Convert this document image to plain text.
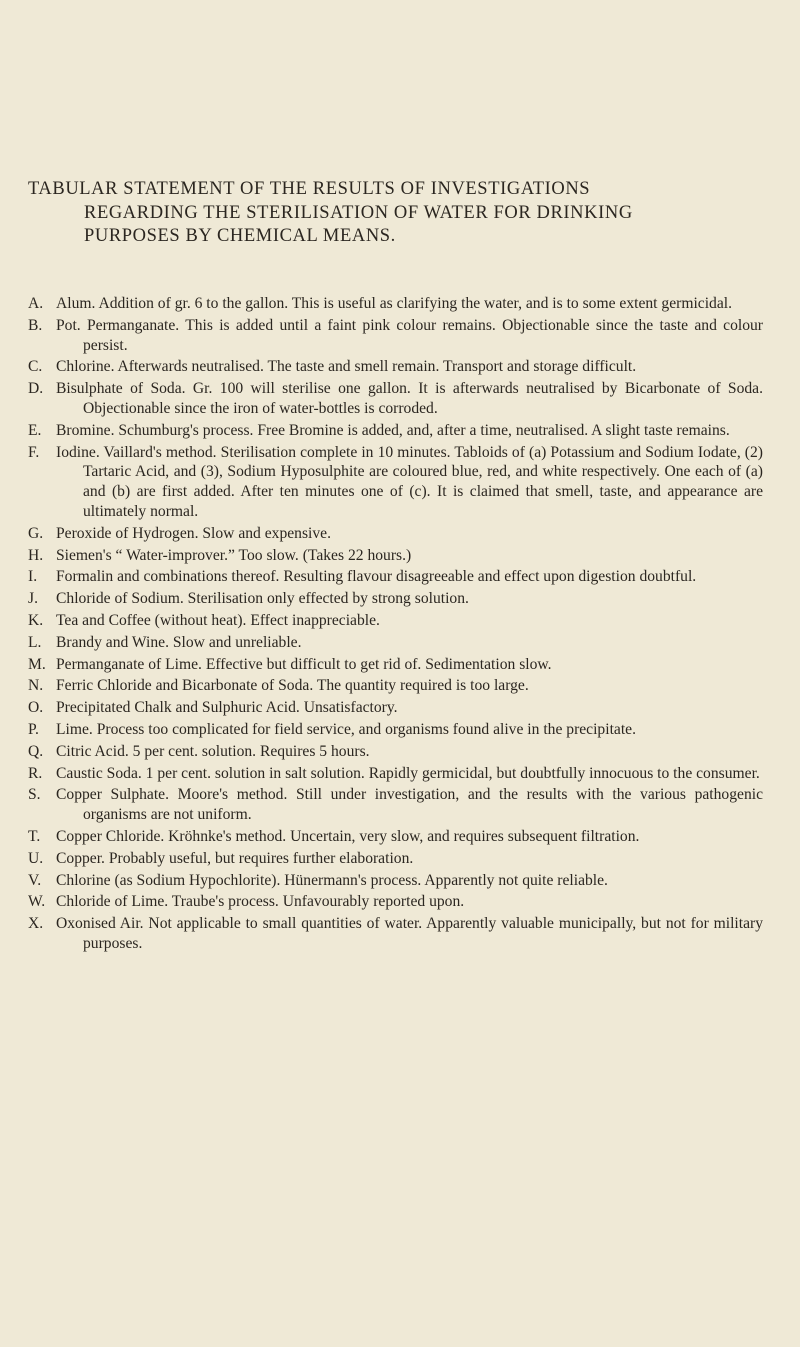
TABULAR STATEMENT OF THE RESULTS OF INVESTIGATIONS
REGARDING THE STERILISATION OF WATER FOR DRINKING
PURPOSES BY CHEMICAL MEANS.
A. Alum. Addition of gr. 6 to the gallon. This is useful as clarifying the water, and is to some extent germicidal.
B. Pot. Permanganate. This is added until a faint pink colour remains. Objectionable since the taste and colour persist.
C. Chlorine. Afterwards neutralised. The taste and smell remain. Transport and storage difficult.
D. Bisulphate of Soda. Gr. 100 will sterilise one gallon. It is afterwards neutralised by Bicarbonate of Soda. Objectionable since the iron of water-bottles is corroded.
E. Bromine. Schumburg's process. Free Bromine is added, and, after a time, neutralised. A slight taste remains.
F.	Iodine. Vaillard's method. Sterilisation complete in 10 minutes. Tabloids of (a) Potassium and Sodium Iodate, (2) Tartaric Acid, and (3), Sodium Hyposulphite are coloured blue, red, and white respectively. One each of (a) and (b) are first added. After ten minutes one of (c). It is claimed that smell, taste, and appearance are ultimately normal.
G. Peroxide of Hydrogen. Slow and expensive.
H. Siemen's “ Water-improver.” Too slow. (Takes 22 hours.)
I.	Formalin and combinations thereof. Resulting flavour disagreeable and effect upon digestion doubtful.
J.	Chloride of Sodium. Sterilisation only effected by strong solution.
K. Tea and Coffee (without heat). Effect inappreciable.
L. Brandy and Wine. Slow and unreliable.
M. Permanganate of Lime. Effective but difficult to get rid of. Sedimentation slow.
N. Ferric Chloride and Bicarbonate of Soda. The quantity required is too large.
O. Precipitated Chalk and Sulphuric Acid. Unsatisfactory.
P.	Lime. Process too complicated for field service, and organisms found alive in the precipitate.
Q. Citric Acid. 5 per cent. solution. Requires 5 hours.
R. Caustic Soda. 1 per cent. solution in salt solution. Rapidly germicidal, but doubtfully innocuous to the consumer.
S. Copper Sulphate. Moore's method. Still under investigation, and the results with the various pathogenic organisms are not uniform.
T.	Copper Chloride. Kröhnke's method. Uncertain, very slow, and requires subsequent filtration.
U. Copper. Probably useful, but requires further elaboration.
V. Chlorine (as Sodium Hypochlorite). Hünermann's process. Apparently not quite reliable.
W. Chloride of Lime. Traube's process. Unfavourably reported upon.
X. Oxonised Air. Not applicable to small quantities of water. Apparently valuable municipally, but not for military purposes.
